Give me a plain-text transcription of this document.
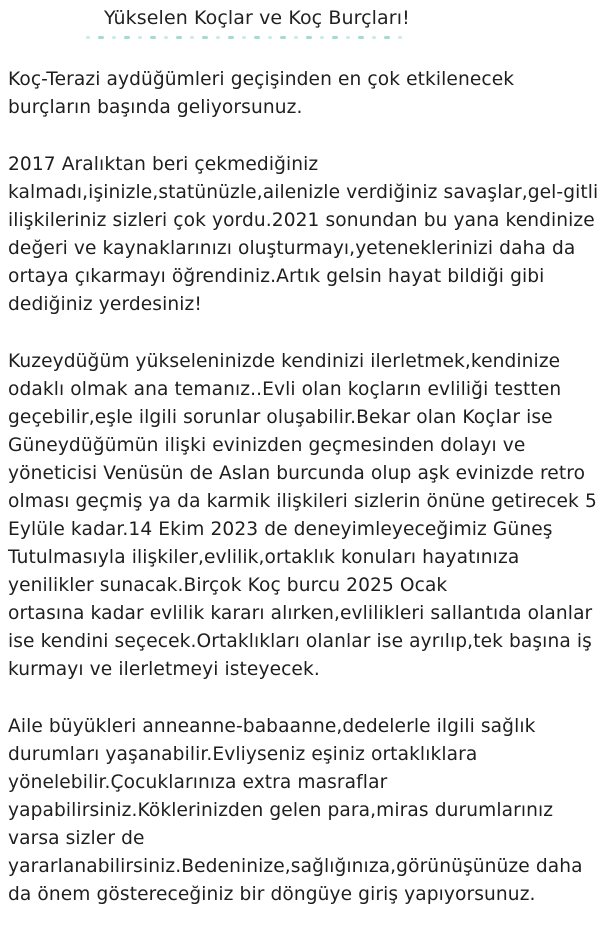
Yükselen Koçlar ve Koç Burçları!

Koç-Terazi aydüğümleri geçişinden en çok etkilenecek
burçların başında geliyorsunuz.

2017 Aralıktan beri çekmediğiniz
kalmadı,işinizle,statünüzle,ailenizle verdiğiniz savaşlar,gel-gitli
ilişkileriniz sizleri çok yordu.2021 sonundan bu yana kendinize
değeri ve kaynaklarınızı oluşturmayı,yeteneklerinizi daha da
ortaya çıkarmayı öğrendiniz.Artık gelsin hayat bildiği gibi
dediğiniz yerdesiniz!

Kuzeydüğüm yükseleninizde kendinizi ilerletmek,kendinize
odaklı olmak ana temanız..Evli olan koçların evliliği testten
geçebilir,eşle ilgili sorunlar oluşabilir.Bekar olan Koçlar ise
Güneydüğümün ilişki evinizden geçmesinden dolayı ve
yöneticisi Venüsün de Aslan burcunda olup aşk evinizde retro
olması geçmiş ya da karmik ilişkileri sizlerin önüne getirecek 5
Eylüle kadar.14 Ekim 2023 de deneyimleyeceğimiz Güneş
Tutulmasıyla ilişkiler,evlilik,ortaklık konuları hayatınıza
yenilikler sunacak.Birçok Koç burcu 2025 Ocak
ortasına kadar evlilik kararı alırken,evlilikleri sallantıda olanlar
ise kendini seçecek.Ortaklıkları olanlar ise ayrılıp,tek başına iş
kurmayı ve ilerletmeyi isteyecek.

Aile büyükleri anneanne-babaanne,dedelerle ilgili sağlık
durumları yaşanabilir.Evliyseniz eşiniz ortaklıklara
yönelebilir.Çocuklarınıza extra masraflar
yapabilirsiniz.Köklerinizden gelen para,miras durumlarınız
varsa sizler de
yararlanabilirsiniz.Bedeninize,sağlığınıza,görünüşünüze daha
da önem göstereceğiniz bir döngüye giriş yapıyorsunuz.
